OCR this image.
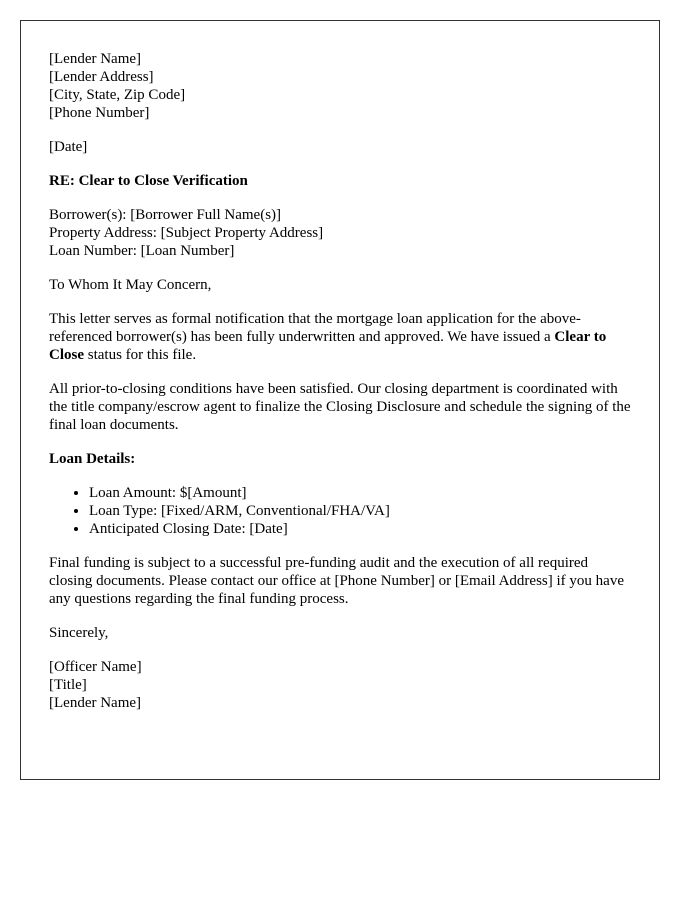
[Lender Name]
[Lender Address]
[City, State, Zip Code]
[Phone Number]

[Date]

RE: Clear to Close Verification

Borrower(s): [Borrower Full Name(s)]
Property Address: [Subject Property Address]
Loan Number: [Loan Number]

To Whom It May Concern,

This letter serves as formal notification that the mortgage loan application for the above-referenced borrower(s) has been fully underwritten and approved. We have issued a Clear to Close status for this file.

All prior-to-closing conditions have been satisfied. Our closing department is coordinated with the title company/escrow agent to finalize the Closing Disclosure and schedule the signing of the final loan documents.

Loan Details:
• Loan Amount: $[Amount]
• Loan Type: [Fixed/ARM, Conventional/FHA/VA]
• Anticipated Closing Date: [Date]

Final funding is subject to a successful pre-funding audit and the execution of all required closing documents. Please contact our office at [Phone Number] or [Email Address] if you have any questions regarding the final funding process.

Sincerely,

[Officer Name]
[Title]
[Lender Name]
